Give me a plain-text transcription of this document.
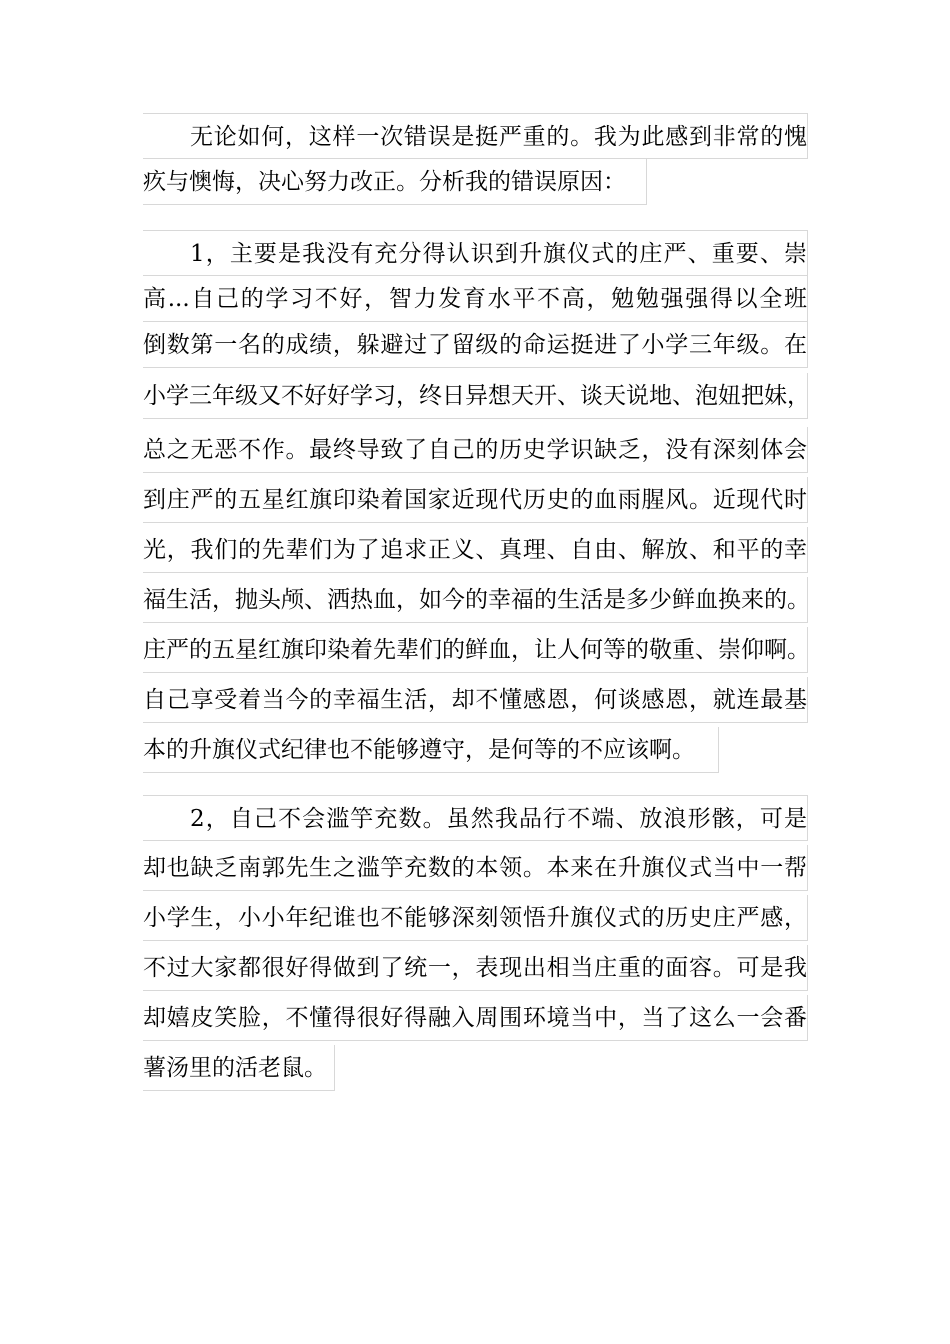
无论如何，这样一次错误是挺严重的。我为此感到非常的愧
疚与懊悔，决心努力改正。分析我的错误原因：
1，主要是我没有充分得认识到升旗仪式的庄严、重要、崇
高...自己的学习不好，智力发育水平不高，勉勉强强得以全班
倒数第一名的成绩，躲避过了留级的命运挺进了小学三年级。在
小学三年级又不好好学习，终日异想天开、谈天说地、泡妞把妹，
总之无恶不作。最终导致了自己的历史学识缺乏，没有深刻体会
到庄严的五星红旗印染着国家近现代历史的血雨腥风。近现代时
光，我们的先辈们为了追求正义、真理、自由、解放、和平的幸
福生活，抛头颅、洒热血，如今的幸福的生活是多少鲜血换来的。
庄严的五星红旗印染着先辈们的鲜血，让人何等的敬重、崇仰啊。
自己享受着当今的幸福生活，却不懂感恩，何谈感恩，就连最基
本的升旗仪式纪律也不能够遵守，是何等的不应该啊。
2，自己不会滥竽充数。虽然我品行不端、放浪形骸，可是
却也缺乏南郭先生之滥竽充数的本领。本来在升旗仪式当中一帮
小学生，小小年纪谁也不能够深刻领悟升旗仪式的历史庄严感，
不过大家都很好得做到了统一，表现出相当庄重的面容。可是我
却嬉皮笑脸，不懂得很好得融入周围环境当中，当了这么一会番
薯汤里的活老鼠。
